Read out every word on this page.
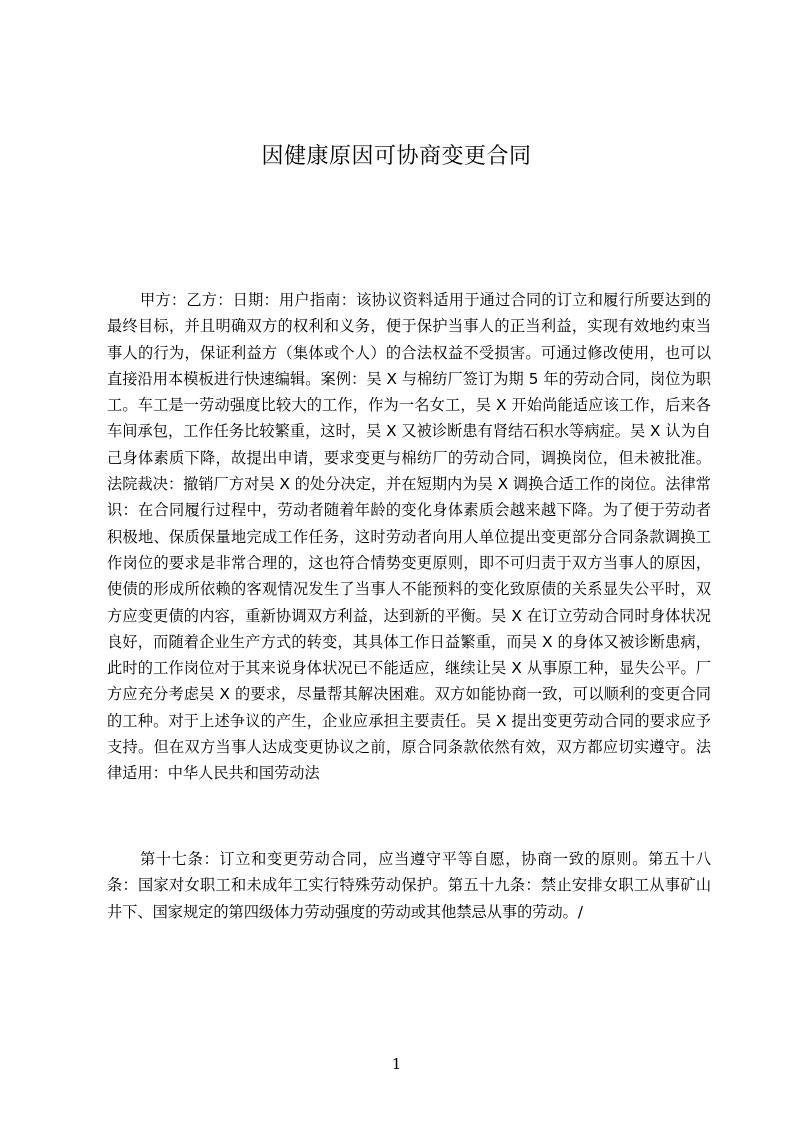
因健康原因可协商变更合同

甲方：乙方：日期：用户指南：该协议资料适用于通过合同的订立和履行所要达到的最终目标，并且明确双方的权利和义务，便于保护当事人的正当利益，实现有效地约束当事人的行为，保证利益方（集体或个人）的合法权益不受损害。可通过修改使用，也可以直接沿用本模板进行快速编辑。案例：吴 X 与棉纺厂签订为期 5 年的劳动合同，岗位为职工。车工是一劳动强度比较大的工作，作为一名女工，吴 X 开始尚能适应该工作，后来各车间承包，工作任务比较繁重，这时，吴 X 又被诊断患有肾结石积水等病症。吴 X 认为自己身体素质下降，故提出申请，要求变更与棉纺厂的劳动合同，调换岗位，但未被批准。法院裁决：撤销厂方对吴 X 的处分决定，并在短期内为吴 X 调换合适工作的岗位。法律常识：在合同履行过程中，劳动者随着年龄的变化身体素质会越来越下降。为了便于劳动者积极地、保质保量地完成工作任务，这时劳动者向用人单位提出变更部分合同条款调换工作岗位的要求是非常合理的，这也符合情势变更原则，即不可归责于双方当事人的原因，使债的形成所依赖的客观情况发生了当事人不能预料的变化致原债的关系显失公平时，双方应变更债的内容，重新协调双方利益，达到新的平衡。吴 X 在订立劳动合同时身体状况良好，而随着企业生产方式的转变，其具体工作日益繁重，而吴 X 的身体又被诊断患病，此时的工作岗位对于其来说身体状况已不能适应，继续让吴 X 从事原工种，显失公平。厂方应充分考虑吴 X 的要求，尽量帮其解决困难。双方如能协商一致，可以顺利的变更合同的工种。对于上述争议的产生，企业应承担主要责任。吴 X 提出变更劳动合同的要求应予支持。但在双方当事人达成变更协议之前，原合同条款依然有效，双方都应切实遵守。法律适用：中华人民共和国劳动法

第十七条：订立和变更劳动合同，应当遵守平等自愿，协商一致的原则。第五十八条：国家对女职工和未成年工实行特殊劳动保护。第五十九条：禁止安排女职工从事矿山井下、国家规定的第四级体力劳动强度的劳动或其他禁忌从事的劳动。/

1
